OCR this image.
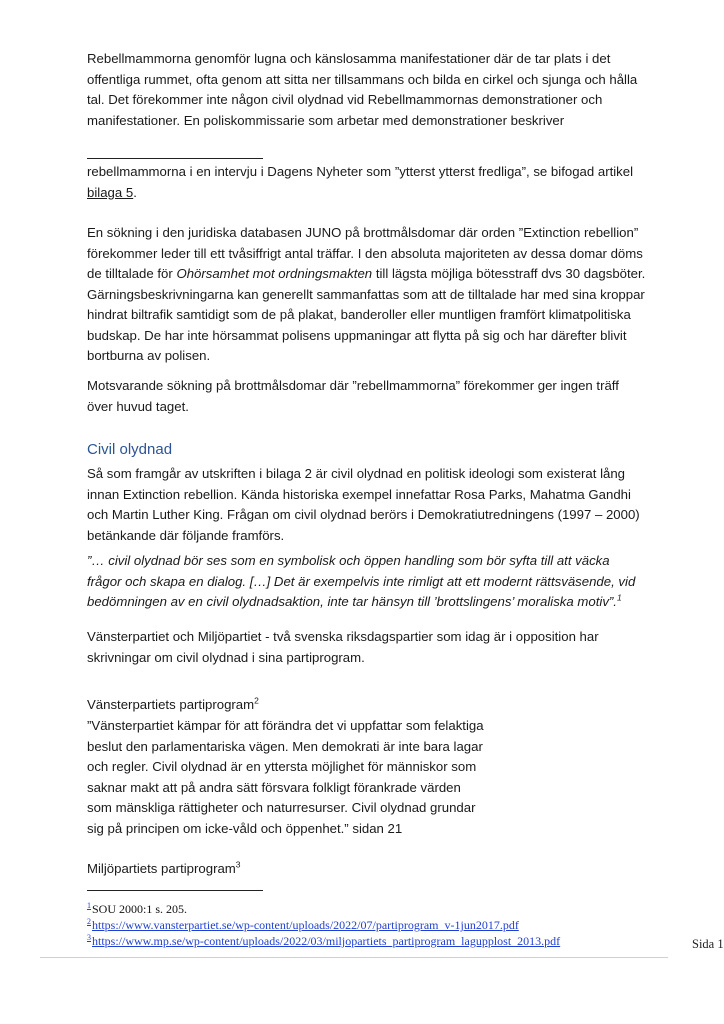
Rebellmammorna genomför lugna och känslosamma manifestationer där de tar plats i det offentliga rummet, ofta genom att sitta ner tillsammans och bilda en cirkel och sjunga och hålla tal. Det förekommer inte någon civil olydnad vid Rebellmammornas demonstrationer och manifestationer. En poliskommissarie som arbetar med demonstrationer beskriver

rebellmammorna i en intervju i Dagens Nyheter som ”ytterst ytterst fredliga”, se bifogad artikel bilaga 5.

En sökning i den juridiska databasen JUNO på brottmålsdomar där orden ”Extinction rebellion” förekommer leder till ett tvåsiffrigt antal träffar. I den absoluta majoriteten av dessa domar döms de tilltalade för Ohörsamhet mot ordningsmakten till lägsta möjliga bötesstraff dvs 30 dagsböter. Gärningsbeskrivningarna kan generellt sammanfattas som att de tilltalade har med sina kroppar hindrat biltrafik samtidigt som de på plakat, banderoller eller muntligen framfört klimatpolitiska budskap. De har inte hörsammat polisens uppmaningar att flytta på sig och har därefter blivit bortburna av polisen.

Motsvarande sökning på brottmålsdomar där ”rebellmammorna” förekommer ger ingen träff över huvud taget.

Civil olydnad

Så som framgår av utskriften i bilaga 2 är civil olydnad en politisk ideologi som existerat lång innan Extinction rebellion. Kända historiska exempel innefattar Rosa Parks, Mahatma Gandhi och Martin Luther King. Frågan om civil olydnad berörs i Demokratiutredningens (1997 – 2000) betänkande där följande framförs.

”… civil olydnad bör ses som en symbolisk och öppen handling som bör syfta till att väcka frågor och skapa en dialog. […] Det är exempelvis inte rimligt att ett modernt rättsväsende, vid bedömningen av en civil olydnadsaktion, inte tar hänsyn till ’brottslingens’ moraliska motiv”.$^1$

Vänsterpartiet och Miljöpartiet - två svenska riksdagspartier som idag är i opposition har skrivningar om civil olydnad i sina partiprogram.

Vänsterpartiets partiprogram$^2$

”Vänsterpartiet kämpar för att förändra det vi uppfattar som felaktiga beslut den parlamentariska vägen. Men demokrati är inte bara lagar och regler. Civil olydnad är en yttersta möjlighet för människor som saknar makt att på andra sätt försvara folkligt förankrade värden som mänskliga rättigheter och naturresurser. Civil olydnad grundar sig på principen om icke-våld och öppenhet.” sidan 21

Miljöpartiets partiprogram$^3$

$^1$SOU 2000:1 s. 205.
$^2$https://www.vansterpartiet.se/wp-content/uploads/2022/07/partiprogram_v-1jun2017.pdf
$^3$https://www.mp.se/wp-content/uploads/2022/03/miljopartiets_partiprogram_lagupplost_2013.pdf	Sida 1
